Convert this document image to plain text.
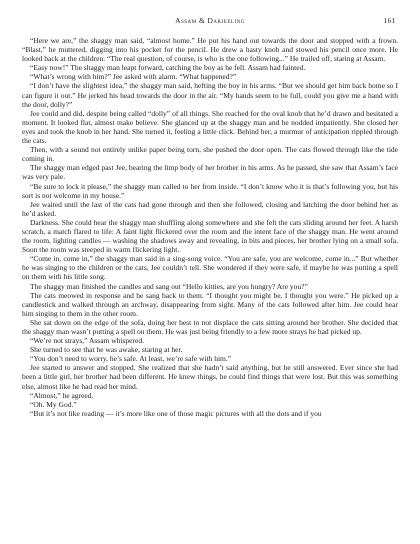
Assam & Darjeeling	161

“Here we are,” the shaggy man said, “almost home.” He put his hand out towards the door and stopped with a frown. “Blast,” he muttered, digging into his pocket for the pencil. He drew a hasty knob and stowed his pencil once more. He looked back at the children. “The real question, of course, is who is the one following...” He trailed off, staring at Assam.

“Easy now!” The shaggy man leapt forward, catching the boy as he fell. Assam had fainted.

“What’s wrong with him?” Jee asked with alarm. “What happened?”

“I don’t have the slightest idea,” the shaggy man said, hefting the boy in his arms. “But we should get him back home so I can figure it out.” He jerked his head towards the door in the air. “My hands seem to be full, could you give me a hand with the door, dolly?”

Jee could and did, despite being called “dolly” of all things. She reached for the oval knob that he’d drawn and hesitated a moment. It looked flat, almost make believe. She glanced up at the shaggy man and he nodded impatiently. She closed her eyes and took the knob in her hand. She turned it, feeling a little click. Behind her, a murmur of anticipation rippled through the cats.

Then, with a sound not entirely unlike paper being torn, she pushed the door open. The cats flowed through like the tide coming in.

The shaggy man edged past Jee, bearing the limp body of her brother in his arms. As he passed, she saw that Assam’s face was very pale.

“Be sure to lock it please,” the shaggy man called to her from inside. “I don’t know who it is that’s following you, but his sort is not welcome in my house.”

Jee waited until the last of the cats had gone through and then she followed, closing and latching the door behind her as he’d asked.

Darkness. She could hear the shaggy man shuffling along somewhere and she felt the cats sliding around her feet. A harsh scratch, a match flared to life: A faint light flickered over the room and the intent face of the shaggy man. He went around the room, lighting candles — washing the shadows away and revealing, in bits and pieces, her brother lying on a small sofa. Soon the room was steeped in warm flickering light.

“Come in, come in,” the shaggy man said in a sing-song voice. “You are safe, you are welcome, come in...” But whether he was singing to the children or the cats, Jee couldn’t tell. She wondered if they were safe, if maybe he was putting a spell on them with his little song.

The shaggy man finished the candles and sang out “Hello kitties, are you hungry? Are you?”

The cats meowed in response and he sang back to them. “I thought you might be, I thought you were.” He picked up a candlestick and walked through an archway, disappearing from sight. Many of the cats followed after him. Jee could hear him singing to them in the other room.

She sat down on the edge of the sofa, doing her best to not displace the cats sitting around her brother. She decided that the shaggy man wasn’t putting a spell on them. He was just being friendly to a few more strays he had picked up.

“We’re not strays,” Assam whispered.

She turned to see that he was awake, staring at her.

“You don’t need to worry, he’s safe. At least, we’re safe with him.”

Jee started to answer and stopped. She realized that she hadn’t said anything, but he still answered. Ever since she had been a little girl, her brother had been different. He knew things, he could find things that were lost. But this was something else, almost like he had read her mind.

“Almost,” he agreed.

“Oh. My God.”

“But it’s not like reading — it’s more like one of those magic pictures with all the dots and if you
